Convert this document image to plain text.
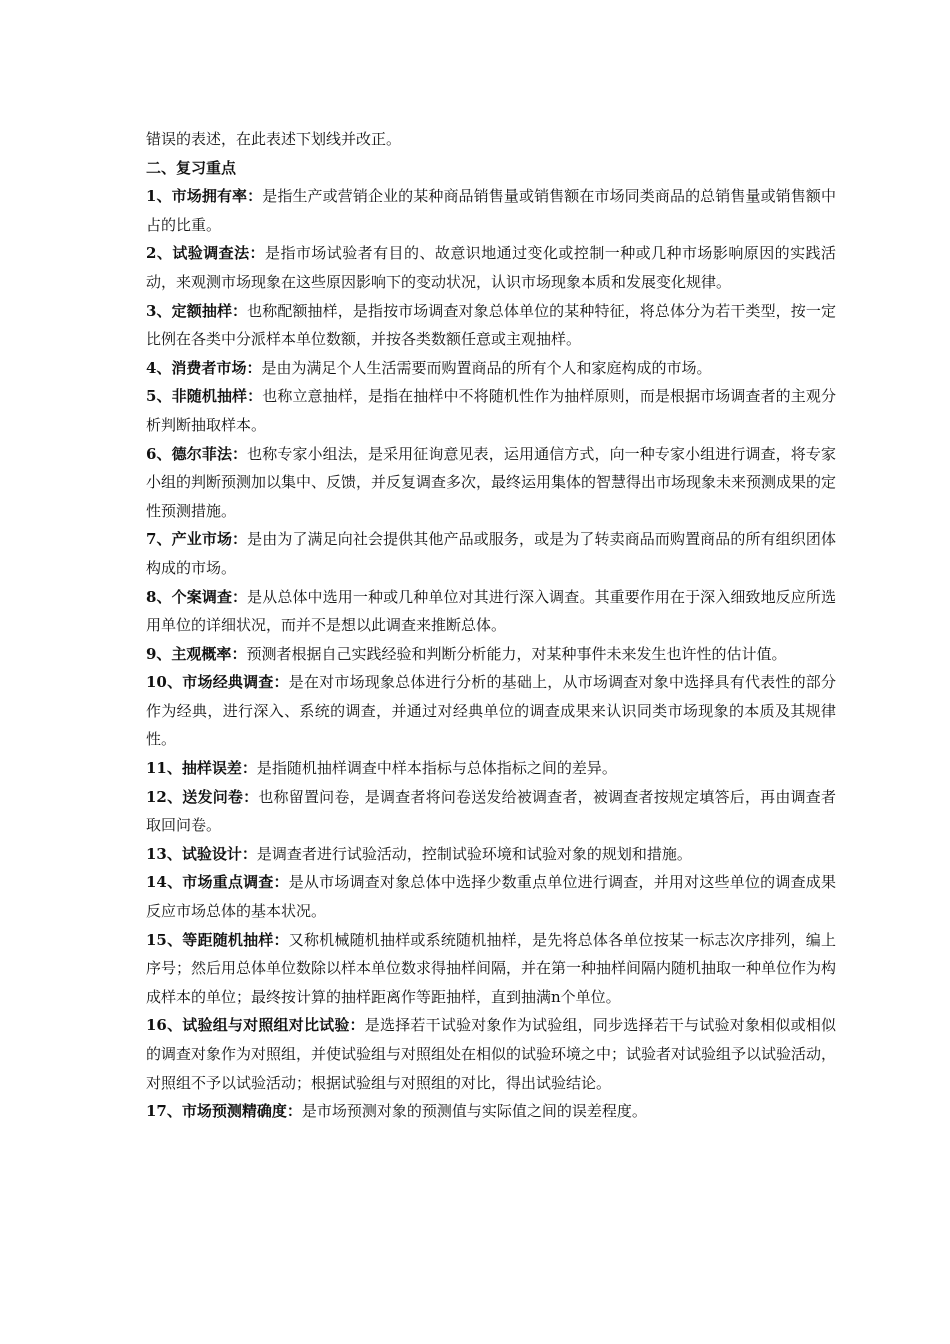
错误的表述，在此表述下划线并改正。
二、复习重点

1、市场拥有率：是指生产或营销企业的某种商品销售量或销售额在市场同类商品的总销售量或销售额中占的比重。

2、试验调查法：是指市场试验者有目的、故意识地通过变化或控制一种或几种市场影响原因的实践活动，来观测市场现象在这些原因影响下的变动状况，认识市场现象本质和发展变化规律。

3、定额抽样：也称配额抽样，是指按市场调查对象总体单位的某种特征，将总体分为若干类型，按一定比例在各类中分派样本单位数额，并按各类数额任意或主观抽样。

4、消费者市场：是由为满足个人生活需要而购置商品的所有个人和家庭构成的市场。

5、非随机抽样：也称立意抽样，是指在抽样中不将随机性作为抽样原则，而是根据市场调查者的主观分析判断抽取样本。

6、德尔菲法：也称专家小组法，是采用征询意见表，运用通信方式，向一种专家小组进行调查，将专家小组的判断预测加以集中、反馈，并反复调查多次，最终运用集体的智慧得出市场现象未来预测成果的定性预测措施。

7、产业市场：是由为了满足向社会提供其他产品或服务，或是为了转卖商品而购置商品的所有组织团体构成的市场。

8、个案调查：是从总体中选用一种或几种单位对其进行深入调查。其重要作用在于深入细致地反应所选用单位的详细状况，而并不是想以此调查来推断总体。

9、主观概率：预测者根据自己实践经验和判断分析能力，对某种事件未来发生也许性的估计值。

10、市场经典调查：是在对市场现象总体进行分析的基础上，从市场调查对象中选择具有代表性的部分作为经典，进行深入、系统的调查，并通过对经典单位的调查成果来认识同类市场现象的本质及其规律性。

11、抽样误差：是指随机抽样调查中样本指标与总体指标之间的差异。

12、送发问卷：也称留置问卷，是调查者将问卷送发给被调查者，被调查者按规定填答后，再由调查者取回问卷。

13、试验设计：是调查者进行试验活动，控制试验环境和试验对象的规划和措施。

14、市场重点调查：是从市场调查对象总体中选择少数重点单位进行调查，并用对这些单位的调查成果反应市场总体的基本状况。

15、等距随机抽样：又称机械随机抽样或系统随机抽样，是先将总体各单位按某一标志次序排列，编上序号；然后用总体单位数除以样本单位数求得抽样间隔，并在第一种抽样间隔内随机抽取一种单位作为构成样本的单位；最终按计算的抽样距离作等距抽样，直到抽满n个单位。

16、试验组与对照组对比试验：是选择若干试验对象作为试验组，同步选择若干与试验对象相似或相似的调查对象作为对照组，并使试验组与对照组处在相似的试验环境之中；试验者对试验组予以试验活动，对照组不予以试验活动；根据试验组与对照组的对比，得出试验结论。

17、市场预测精确度：是市场预测对象的预测值与实际值之间的误差程度。
